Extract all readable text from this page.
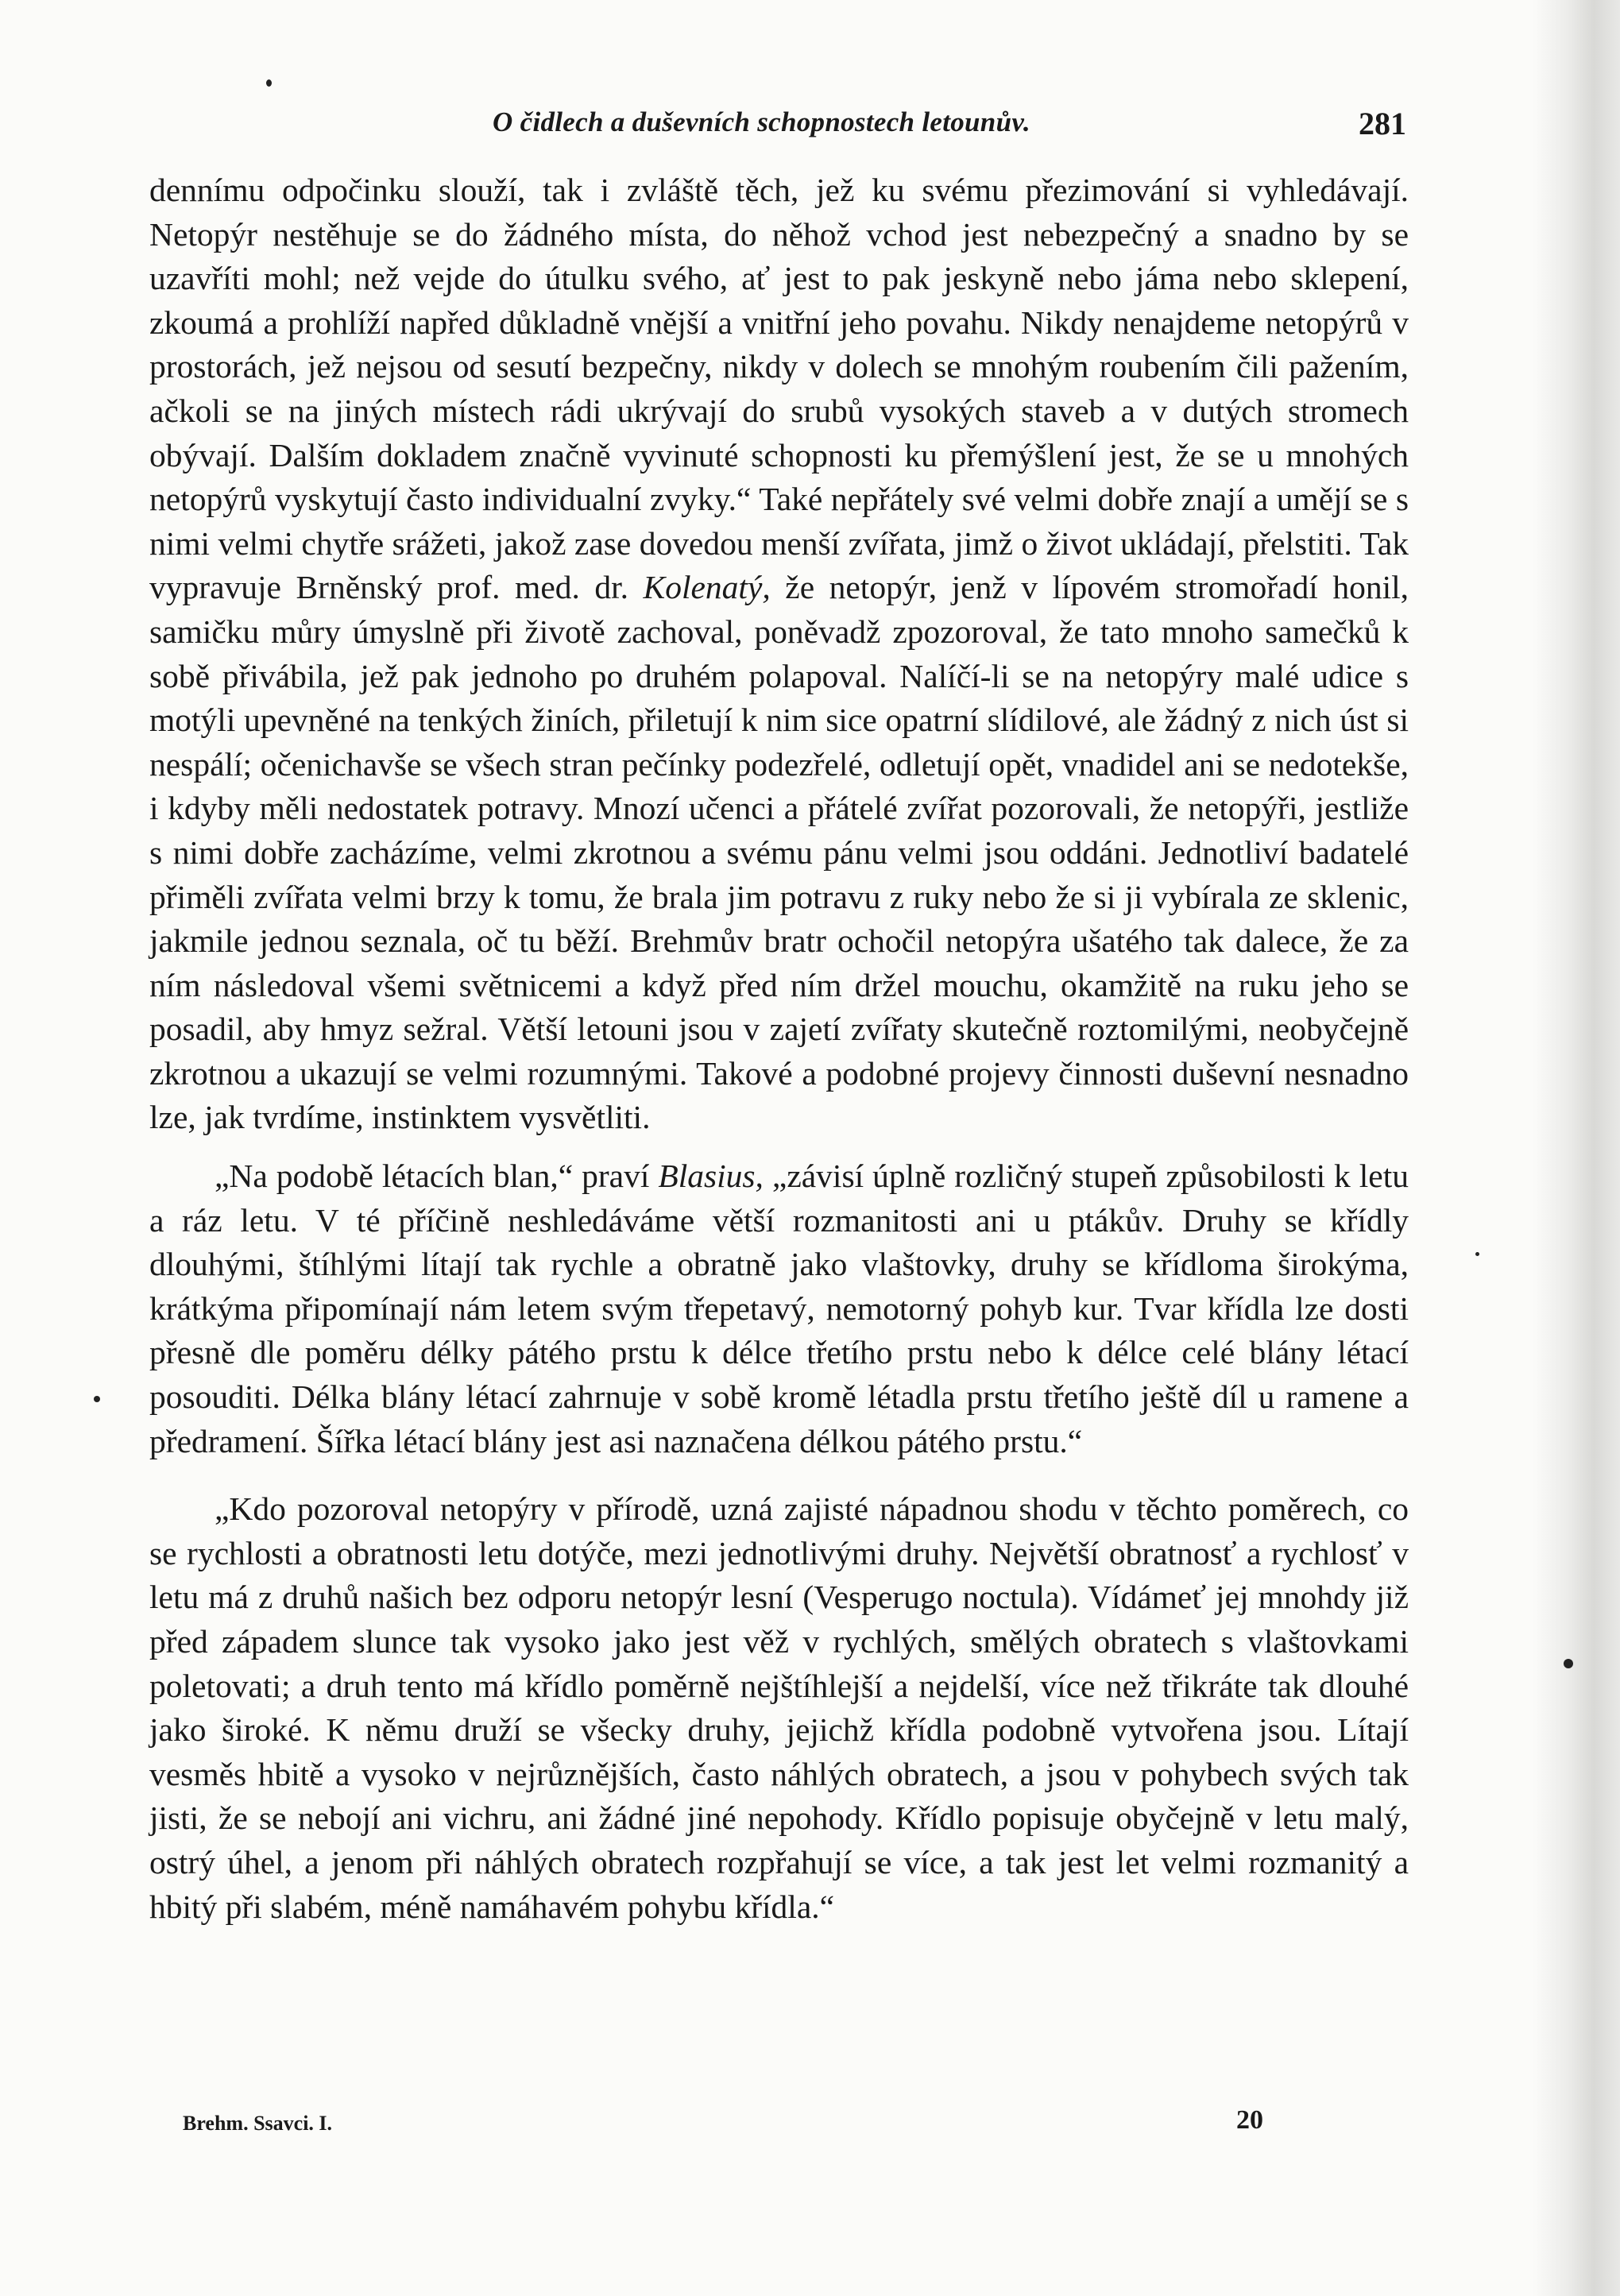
O čidlech a duševních schopnostech letounův.	281

dennímu odpočinku slouží, tak i zvláště těch, jež ku svému přezimování si vyhledávají. Netopýr nestěhuje se do žádného místa, do něhož vchod jest nebezpečný a snadno by se uzavříti mohl; než vejde do útulku svého, ať jest to pak jeskyně nebo jáma nebo sklepení, zkoumá a prohlíží napřed důkladně vnější a vnitřní jeho povahu. Nikdy nenajdeme netopýrů v prostorách, jež nejsou od sesutí bezpečny, nikdy v dolech se mnohým roubením čili pažením, ačkoli se na jiných místech rádi ukrývají do srubů vysokých staveb a v dutých stromech obývají. Dalším dokladem značně vyvinuté schopnosti ku přemýšlení jest, že se u mnohých netopýrů vyskytují často individualní zvyky.“ Také nepřátely své velmi dobře znají a umějí se s nimi velmi chytře srážeti, jakož zase dovedou menší zvířata, jimž o život ukládají, přelstiti. Tak vypravuje Brněnský prof. med. dr. Kolenatý, že netopýr, jenž v lípovém stromořadí honil, samičku můry úmyslně při životě zachoval, poněvadž zpozoroval, že tato mnoho samečků k sobě přivábila, jež pak jednoho po druhém polapoval. Nalíčí-li se na netopýry malé udice s motýli upevněné na tenkých žiních, přiletují k nim sice opatrní slídilové, ale žádný z nich úst si nespálí; očenichavše se všech stran pečínky podezřelé, odletují opět, vnadidel ani se nedotekše, i kdyby měli nedostatek potravy. Mnozí učenci a přátelé zvířat pozorovali, že netopýři, jestliže s nimi dobře zacházíme, velmi zkrotnou a svému pánu velmi jsou oddáni. Jednotliví badatelé přiměli zvířata velmi brzy k tomu, že brala jim potravu z ruky nebo že si ji vybírala ze sklenic, jakmile jednou seznala, oč tu běží. Brehmův bratr ochočil netopýra ušatého tak dalece, že za ním následoval všemi světnicemi a když před ním držel mouchu, okamžitě na ruku jeho se posadil, aby hmyz sežral. Větší letouni jsou v zajetí zvířaty skutečně roztomilými, neobyčejně zkrotnou a ukazují se velmi rozumnými. Takové a podobné projevy činnosti duševní nesnadno lze, jak tvrdíme, instinktem vysvětliti.

„Na podobě létacích blan,“ praví Blasius, „závisí úplně rozličný stupeň způsobilosti k letu a ráz letu. V té příčině neshledáváme větší rozmanitosti ani u ptákův. Druhy se křídly dlouhými, štíhlými lítají tak rychle a obratně jako vlaštovky, druhy se křídloma širokýma, krátkýma připomínají nám letem svým třepetavý, nemotorný pohyb kur. Tvar křídla lze dosti přesně dle poměru délky pátého prstu k délce třetího prstu nebo k délce celé blány létací posouditi. Délka blány létací zahrnuje v sobě kromě létadla prstu třetího ještě díl u ramene a předramení. Šířka létací blány jest asi naznačena délkou pátého prstu.“

„Kdo pozoroval netopýry v přírodě, uzná zajisté nápadnou shodu v těchto poměrech, co se rychlosti a obratnosti letu dotýče, mezi jednotlivými druhy. Největší obratnosť a rychlosť v letu má z druhů našich bez odporu netopýr lesní (Vesperugo noctula). Vídámeť jej mnohdy již před západem slunce tak vysoko jako jest věž v rychlých, smělých obratech s vlaštovkami poletovati; a druh tento má křídlo poměrně nejštíhlejší a nejdelší, více než třikráte tak dlouhé jako široké. K němu druží se všecky druhy, jejichž křídla podobně vytvořena jsou. Lítají vesměs hbitě a vysoko v nejrůznějších, často náhlých obratech, a jsou v pohybech svých tak jisti, že se nebojí ani vichru, ani žádné jiné nepohody. Křídlo popisuje obyčejně v letu malý, ostrý úhel, a jenom při náhlých obratech rozpřahují se více, a tak jest let velmi rozmanitý a hbitý při slabém, méně namáhavém pohybu křídla.“

Brehm. Ssavci. I.	20
